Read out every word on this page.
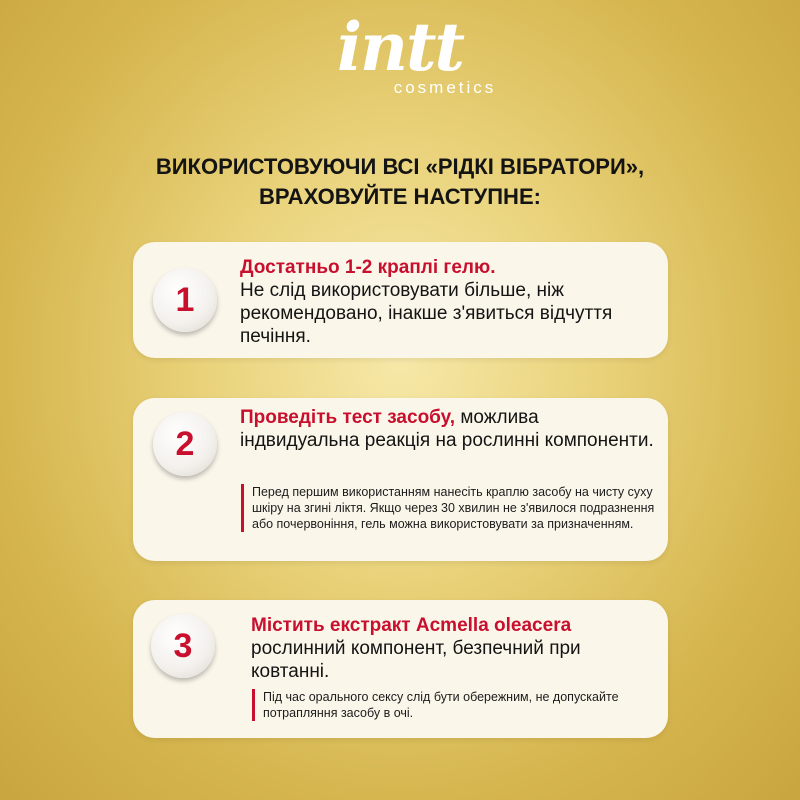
intt
cosmetics
ВИКОРИСТОВУЮЧИ ВСІ «РІДКІ ВІБРАТОРИ»,
ВРАХОВУЙТЕ НАСТУПНЕ:
1
Достатньо 1-2 краплі гелю.
Не слід використовувати більше, ніж рекомендовано, інакше з'явиться відчуття печіння.
2
Проведіть тест засобу, можлива індвидуальна реакція на рослинні компоненти.
Перед першим використанням нанесіть краплю засобу на чисту суху шкіру на згині ліктя. Якщо через 30 хвилин не з'явилося подразнення або почервоніння, гель можна використовувати за призначенням.
3
Містить екстракт Acmella oleacera
рослинний компонент, безпечний при ковтанні.
Під час орального сексу слід бути обережним, не допускайте потрапляння засобу в очі.
